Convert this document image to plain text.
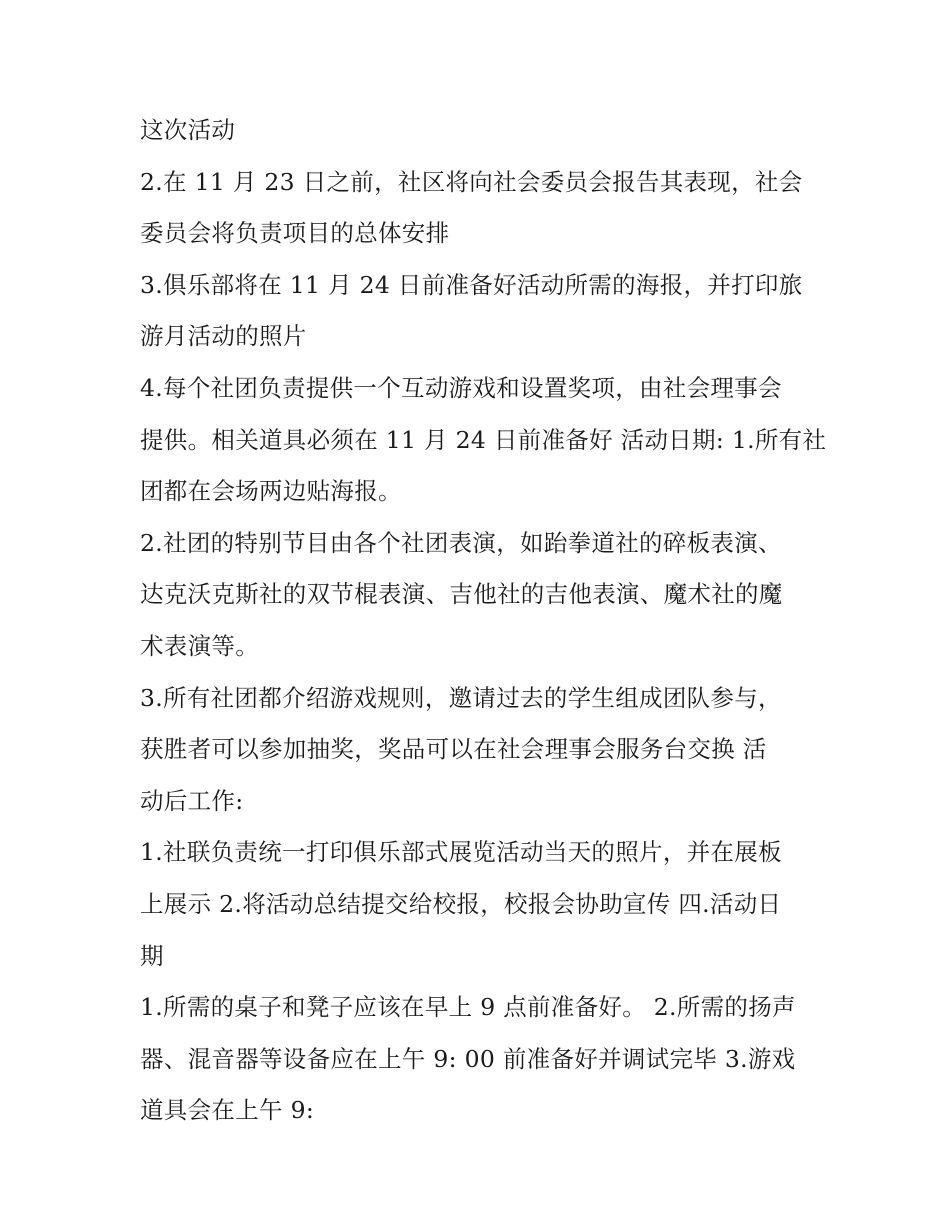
这次活动
2.在 11 月 23 日之前，社区将向社会委员会报告其表现，社会
委员会将负责项目的总体安排
3.俱乐部将在 11 月 24 日前准备好活动所需的海报，并打印旅
游月活动的照片
4.每个社团负责提供一个互动游戏和设置奖项，由社会理事会
提供。相关道具必须在 11 月 24 日前准备好 活动日期: 1.所有社
团都在会场两边贴海报。
2.社团的特别节目由各个社团表演，如跆拳道社的碎板表演、
达克沃克斯社的双节棍表演、吉他社的吉他表演、魔术社的魔
术表演等。
3.所有社团都介绍游戏规则，邀请过去的学生组成团队参与，
获胜者可以参加抽奖，奖品可以在社会理事会服务台交换 活
动后工作:
1.社联负责统一打印俱乐部式展览活动当天的照片，并在展板
上展示 2.将活动总结提交给校报，校报会协助宣传 四.活动日
期
1.所需的桌子和凳子应该在早上 9 点前准备好。 2.所需的扬声
器、混音器等设备应在上午 9: 00 前准备好并调试完毕 3.游戏
道具会在上午 9:
